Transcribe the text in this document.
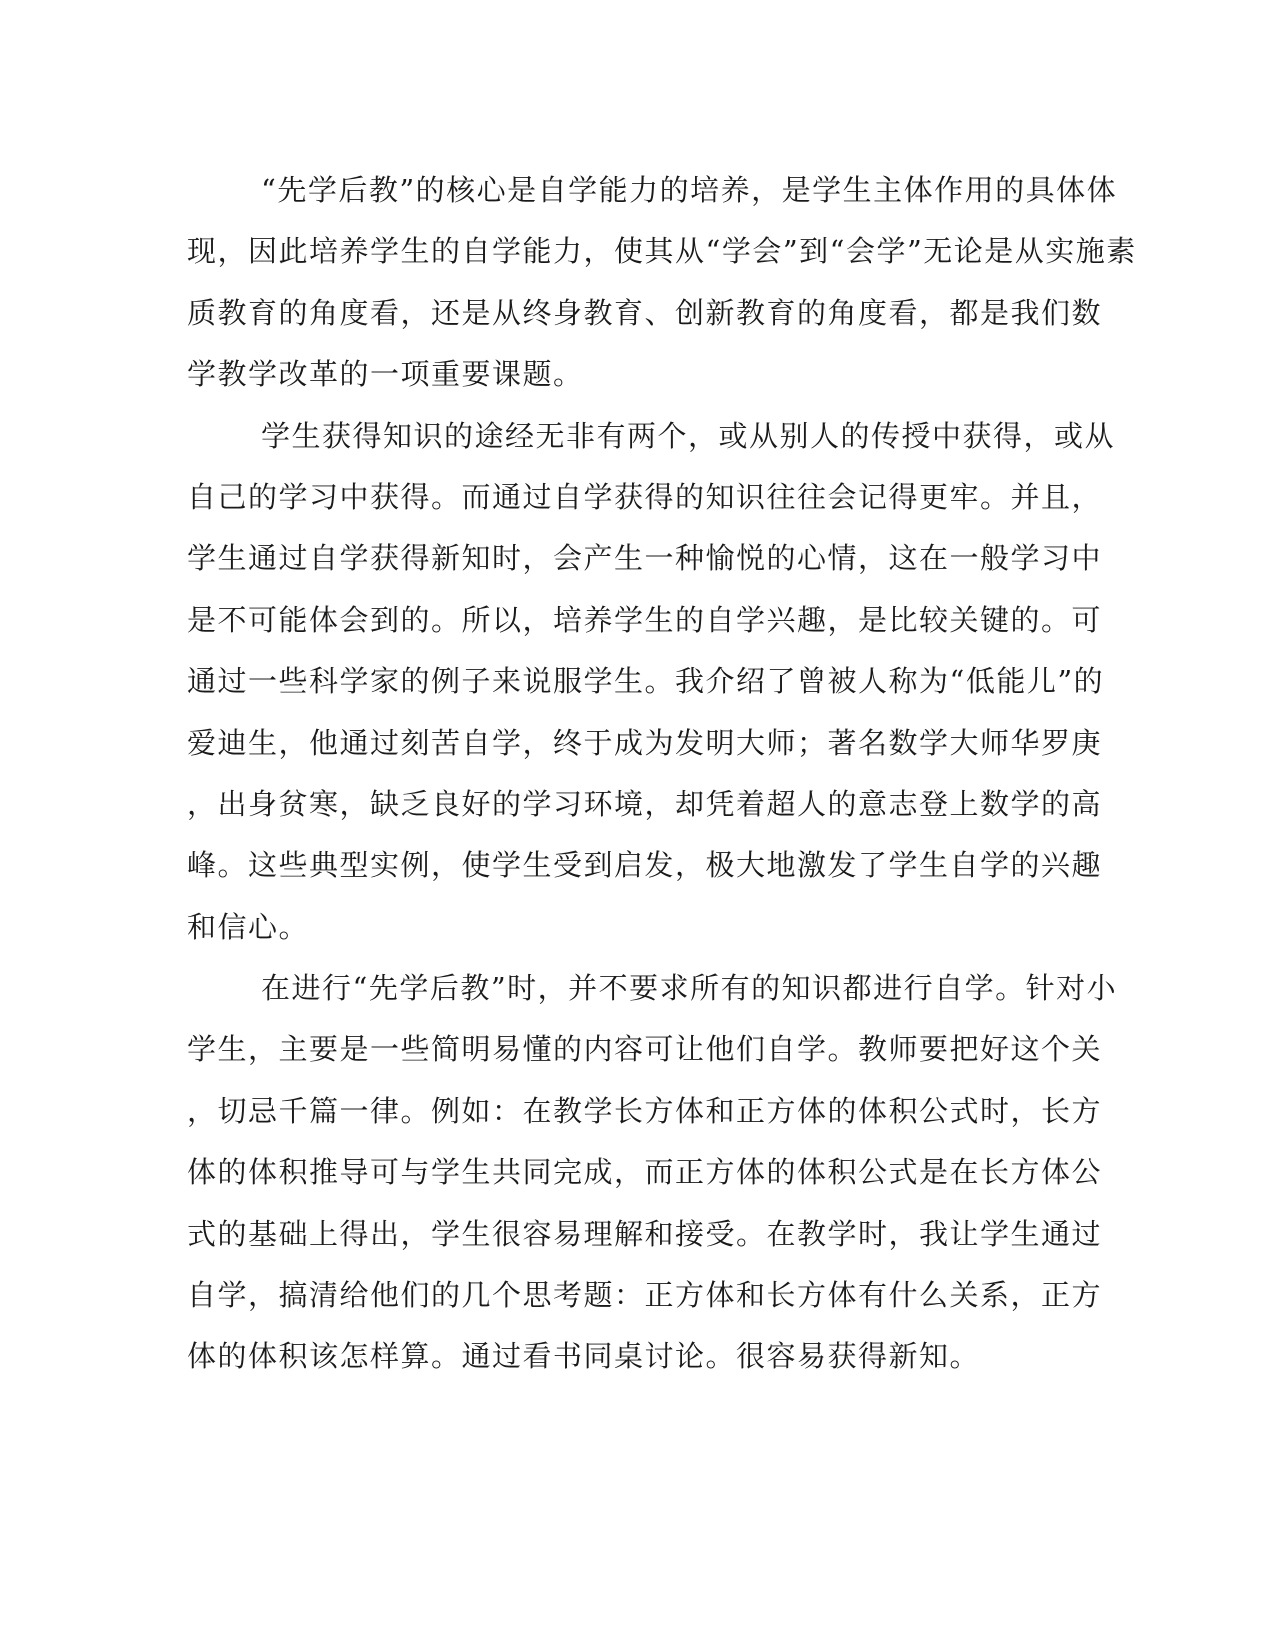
“先学后教”的核心是自学能力的培养，是学生主体作用的具体体
现，因此培养学生的自学能力，使其从“学会”到“会学”无论是从实施素
质教育的角度看，还是从终身教育、创新教育的角度看，都是我们数
学教学改革的一项重要课题。
学生获得知识的途经无非有两个，或从别人的传授中获得，或从
自己的学习中获得。而通过自学获得的知识往往会记得更牢。并且，
学生通过自学获得新知时，会产生一种愉悦的心情，这在一般学习中
是不可能体会到的。所以，培养学生的自学兴趣，是比较关键的。可
通过一些科学家的例子来说服学生。我介绍了曾被人称为“低能儿”的
爱迪生，他通过刻苦自学，终于成为发明大师；著名数学大师华罗庚
，出身贫寒，缺乏良好的学习环境，却凭着超人的意志登上数学的高
峰。这些典型实例，使学生受到启发，极大地激发了学生自学的兴趣
和信心。
在进行“先学后教”时，并不要求所有的知识都进行自学。针对小
学生，主要是一些简明易懂的内容可让他们自学。教师要把好这个关
，切忌千篇一律。例如：在教学长方体和正方体的体积公式时，长方
体的体积推导可与学生共同完成，而正方体的体积公式是在长方体公
式的基础上得出，学生很容易理解和接受。在教学时，我让学生通过
自学，搞清给他们的几个思考题：正方体和长方体有什么关系，正方
体的体积该怎样算。通过看书同桌讨论。很容易获得新知。
